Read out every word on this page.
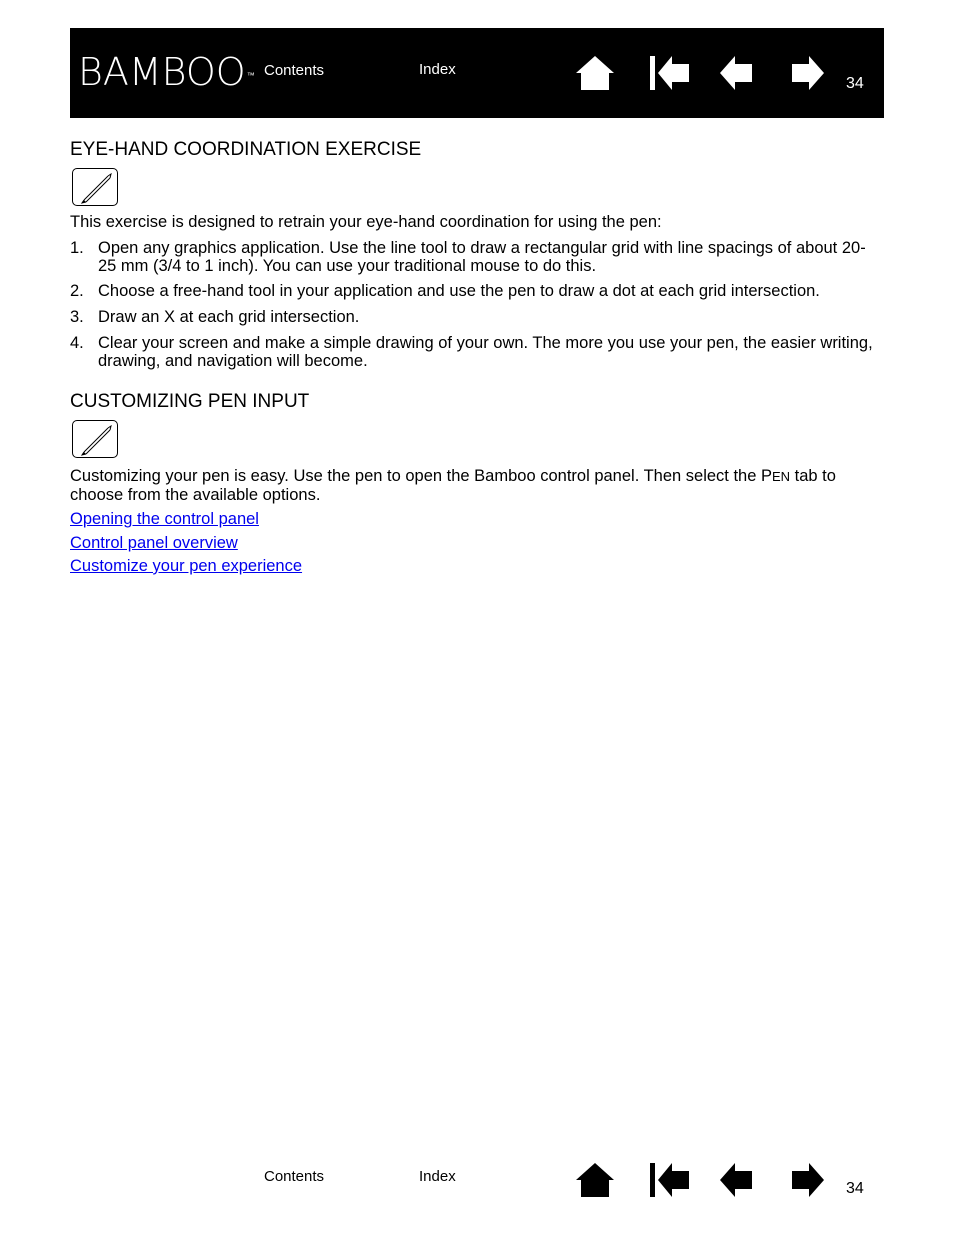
BAMBOO™ Contents	Index
34
EYE-HAND COORDINATION EXERCISE

This exercise is designed to retrain your eye-hand coordination for using the pen:

1. Open any graphics application. Use the line tool to draw a rectangular grid with line spacings of about 20-25 mm (3/4 to 1 inch). You can use your traditional mouse to do this.
2. Choose a free-hand tool in your application and use the pen to draw a dot at each grid intersection.
3. Draw an X at each grid intersection.
4. Clear your screen and make a simple drawing of your own. The more you use your pen, the easier writing, drawing, and navigation will become.
CUSTOMIZING PEN INPUT

Customizing your pen is easy. Use the pen to open the Bamboo control panel. Then select the PEN tab to choose from the available options.

Opening the control panel
Control panel overview
Customize your pen experience
Contents	Index
34
